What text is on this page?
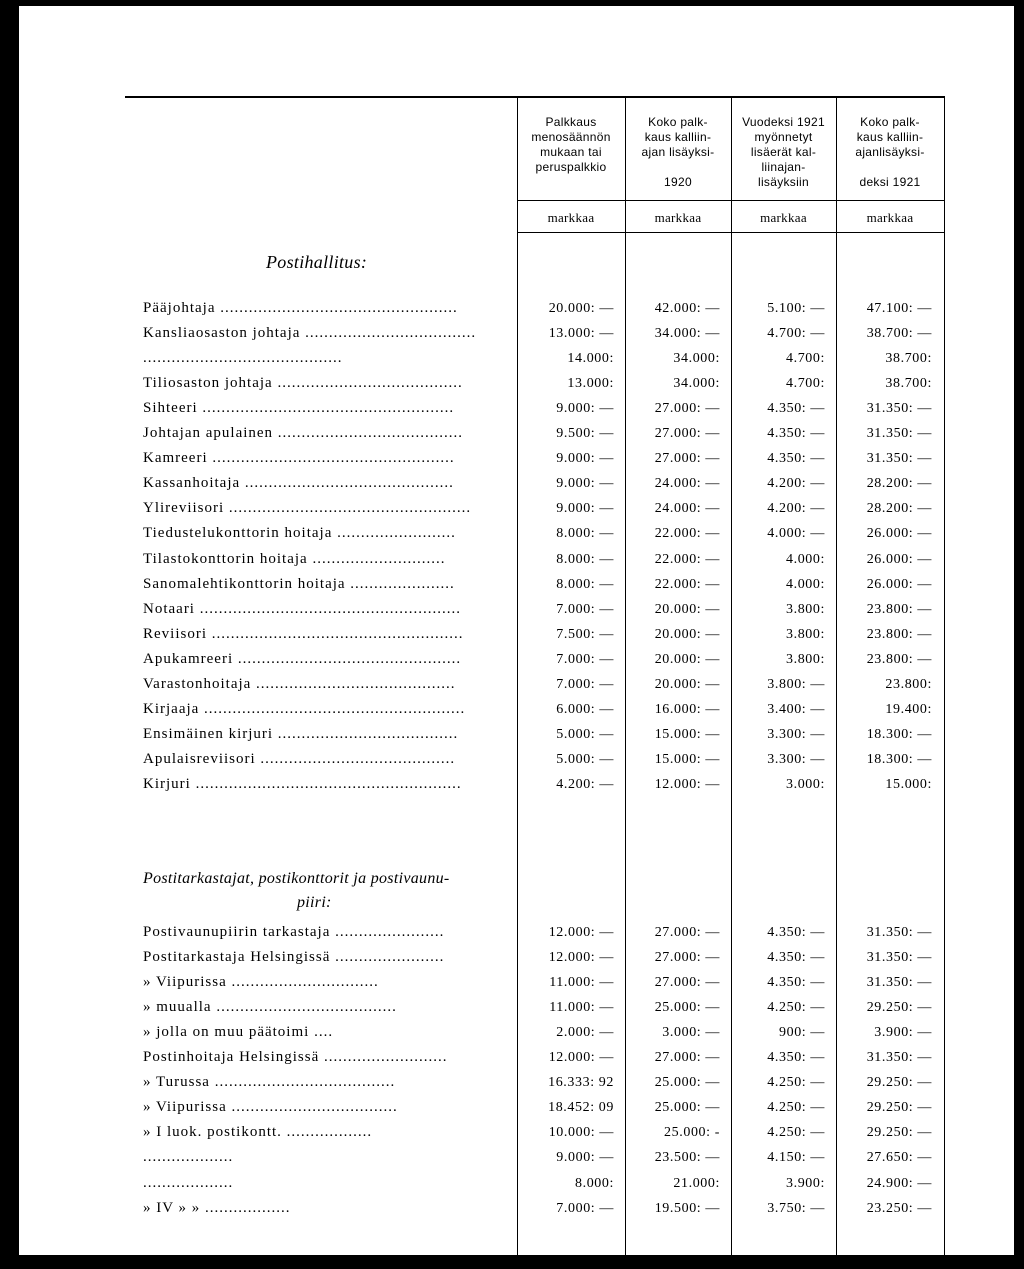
Palkkaus
menosäännön
mukaan tai
peruspalkkio
Koko palk-
kaus kalliin-
ajan lisäyksi-

1920
Vuodeksi 1921
myönnetyt
lisäerät kal-
liinajan-
lisäyksiin
Koko palk-
kaus kalliin-
ajanlisäyksi-

deksi 1921
markkaa	markkaa	markkaa	markkaa
Postihallitus:
Postitarkastajat, postikonttorit ja postivaunu-
piiri:
Pääjohtaja ..................................................	20.000: —	42.000: —	5.100: —	47.100: —
Kansliaosaston johtaja ....................................	13.000: —	34.000: —	4.700: —	38.700: —
..........................................	14.000:	34.000:	4.700:	38.700:
Tiliosaston johtaja .......................................	13.000:	34.000:	4.700:	38.700:
Sihteeri .....................................................	9.000: —	27.000: —	4.350: —	31.350: —
Johtajan apulainen .......................................	9.500: —	27.000: —	4.350: —	31.350: —
Kamreeri ...................................................	9.000: —	27.000: —	4.350: —	31.350: —
Kassanhoitaja ............................................	9.000: —	24.000: —	4.200: —	28.200: —
Ylireviisori ...................................................	9.000: —	24.000: —	4.200: —	28.200: —
Tiedustelukonttorin hoitaja .........................	8.000: —	22.000: —	4.000: —	26.000: —
Tilastokonttorin hoitaja ............................	8.000: —	22.000: —	4.000:	26.000: —
Sanomalehtikonttorin hoitaja ......................	8.000: —	22.000: —	4.000:	26.000: —
Notaari .......................................................	7.000: —	20.000: —	3.800:	23.800: —
Reviisori .....................................................	7.500: —	20.000: —	3.800:	23.800: —
Apukamreeri ...............................................	7.000: —	20.000: —	3.800:	23.800: —
Varastonhoitaja ..........................................	7.000: —	20.000: —	3.800: —	23.800:
Kirjaaja .......................................................	6.000: —	16.000: —	3.400: —	19.400:
Ensimäinen kirjuri ......................................	5.000: —	15.000: —	3.300: —	18.300: —
Apulaisreviisori .........................................	5.000: —	15.000: —	3.300: —	18.300: —
Kirjuri ........................................................	4.200: —	12.000: —	3.000:	15.000:
Postivaunupiirin tarkastaja .......................	12.000: —	27.000: —	4.350: —	31.350: —
Postitarkastaja Helsingissä .......................	12.000: —	27.000: —	4.350: —	31.350: —
» Viipurissa ...............................	11.000: —	27.000: —	4.350: —	31.350: —
» muualla ......................................	11.000: —	25.000: —	4.250: —	29.250: —
» jolla on muu päätoimi ....	2.000: —	3.000: —	900: —	3.900: —
Postinhoitaja Helsingissä ..........................	12.000: —	27.000: —	4.350: —	31.350: —
» Turussa ......................................	16.333: 92	25.000: —	4.250: —	29.250: —
» Viipurissa ...................................	18.452: 09	25.000: —	4.250: —	29.250: —
» I luok. postikontt. ..................	10.000: —	25.000: -	4.250: —	29.250: —
...................	9.000: —	23.500: —	4.150: —	27.650: —
...................	8.000:	21.000:	3.900:	24.900: —
» IV » » ..................	7.000: —	19.500: —	3.750: —	23.250: —
